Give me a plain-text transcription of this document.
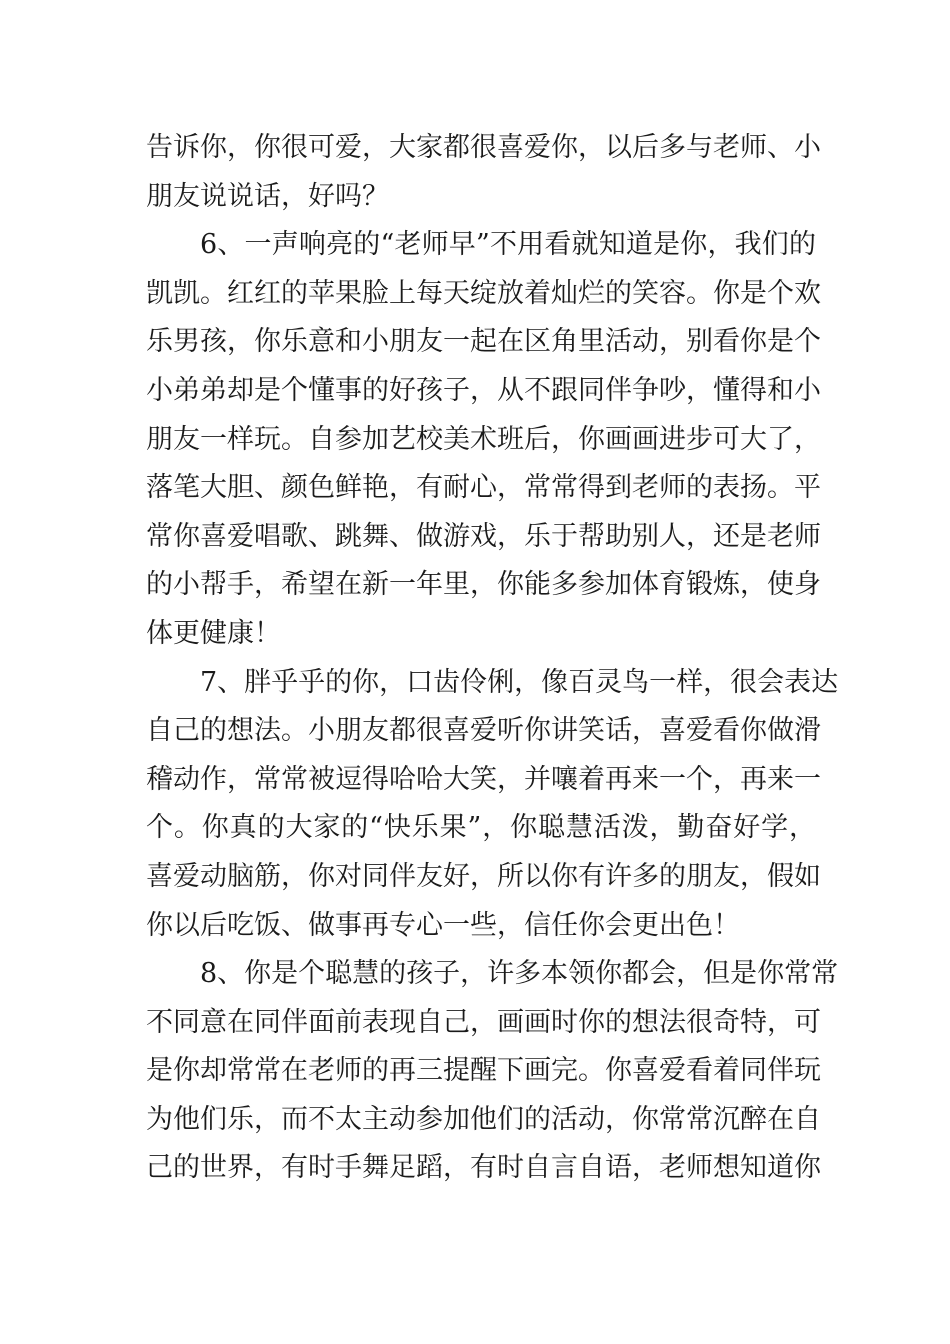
告诉你，你很可爱，大家都很喜爱你，以后多与老师、小
朋友说说话，好吗？
6、一声响亮的“老师早”不用看就知道是你，我们的
凯凯。红红的苹果脸上每天绽放着灿烂的笑容。你是个欢
乐男孩，你乐意和小朋友一起在区角里活动，别看你是个
小弟弟却是个懂事的好孩子，从不跟同伴争吵，懂得和小
朋友一样玩。自参加艺校美术班后，你画画进步可大了，
落笔大胆、颜色鲜艳，有耐心，常常得到老师的表扬。平
常你喜爱唱歌、跳舞、做游戏，乐于帮助别人，还是老师
的小帮手，希望在新一年里，你能多参加体育锻炼，使身
体更健康！
7、胖乎乎的你，口齿伶俐，像百灵鸟一样，很会表达
自己的想法。小朋友都很喜爱听你讲笑话，喜爱看你做滑
稽动作，常常被逗得哈哈大笑，并嚷着再来一个，再来一
个。你真的大家的“快乐果”，你聪慧活泼，勤奋好学，
喜爱动脑筋，你对同伴友好，所以你有许多的朋友，假如
你以后吃饭、做事再专心一些，信任你会更出色！
8、你是个聪慧的孩子，许多本领你都会，但是你常常
不同意在同伴面前表现自己，画画时你的想法很奇特，可
是你却常常在老师的再三提醒下画完。你喜爱看着同伴玩
为他们乐，而不太主动参加他们的活动，你常常沉醉在自
己的世界，有时手舞足蹈，有时自言自语，老师想知道你
